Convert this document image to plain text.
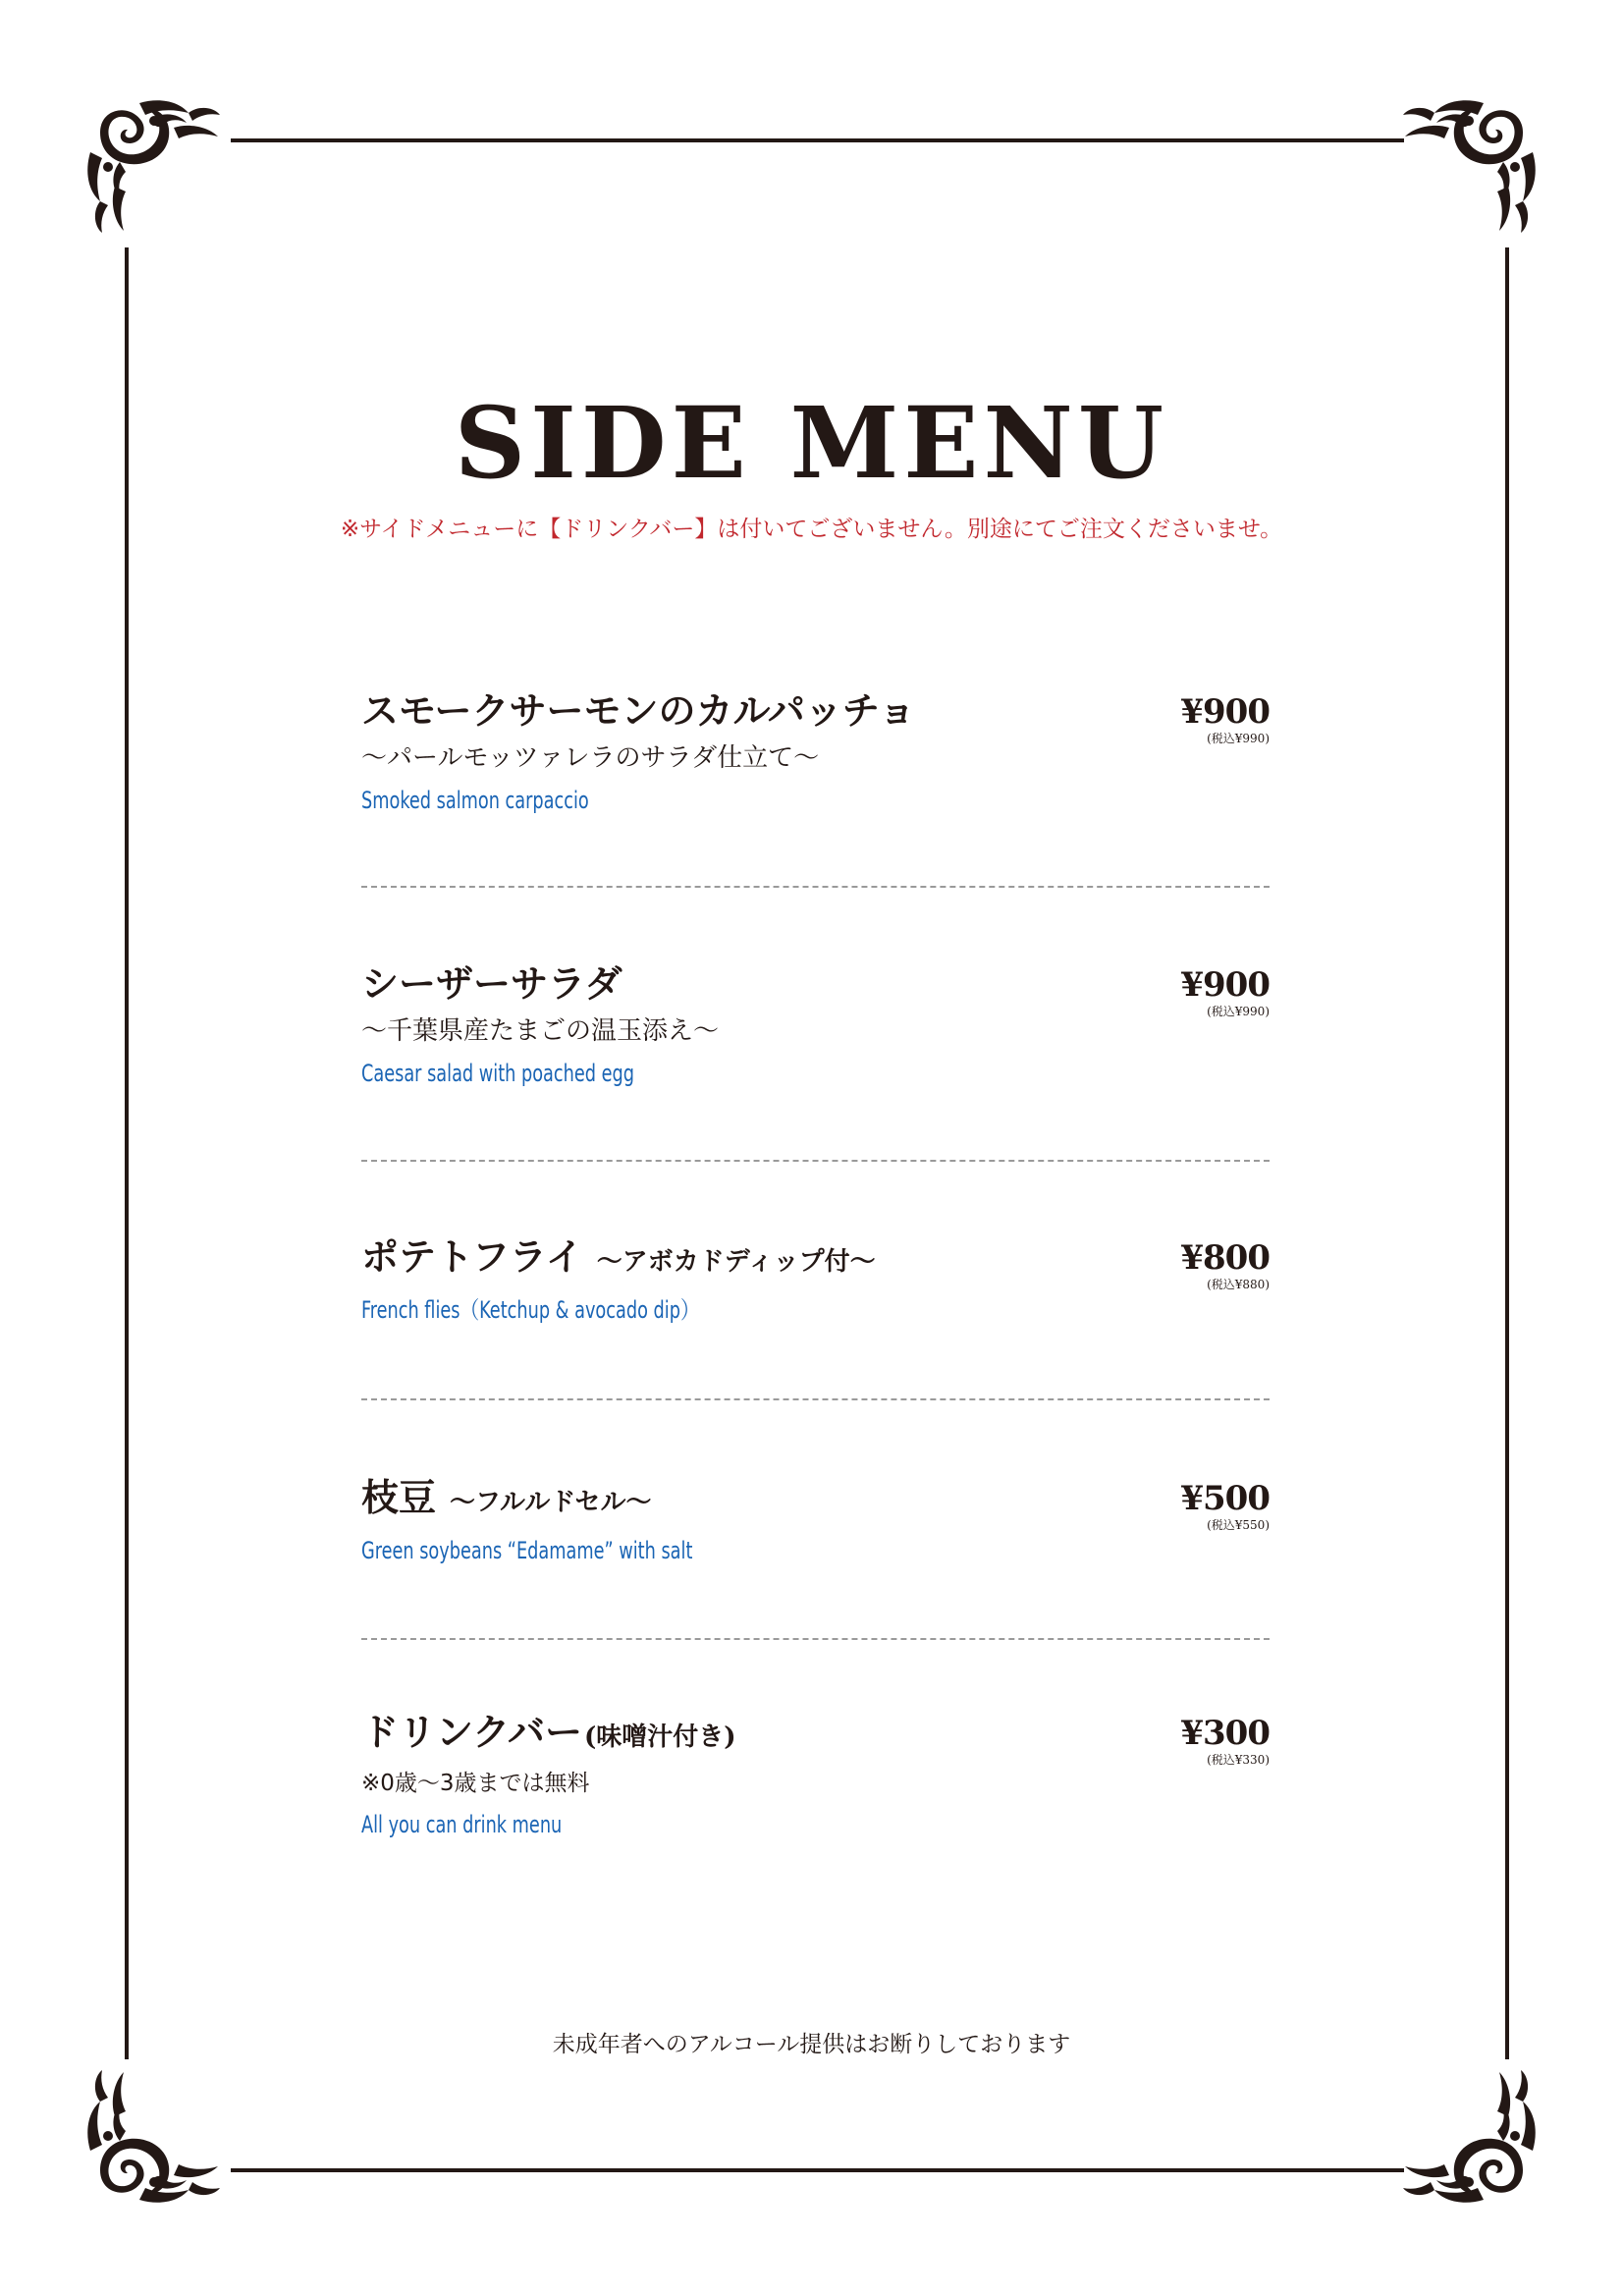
SIDE MENU
※サイドメニューに【ドリンクバー】は付いてございません。別途にてご注文くださいませ。
スモークサーモンのカルパッチョ
〜パールモッツァレラのサラダ仕立て〜
Smoked salmon carpaccio
¥900
(税込¥990)
シーザーサラダ
〜千葉県産たまごの温玉添え〜
Caesar salad with poached egg
¥900
(税込¥990)
ポテトフライ 〜アボカドディップ付〜
French flies（Ketchup & avocado dip）
¥800
(税込¥880)
枝豆 〜フルルドセル〜
Green soybeans “Edamame” with salt
¥500
(税込¥550)
ドリンクバー(味噌汁付き)
※0歳〜3歳までは無料
All you can drink menu
¥300
(税込¥330)
未成年者へのアルコール提供はお断りしております
